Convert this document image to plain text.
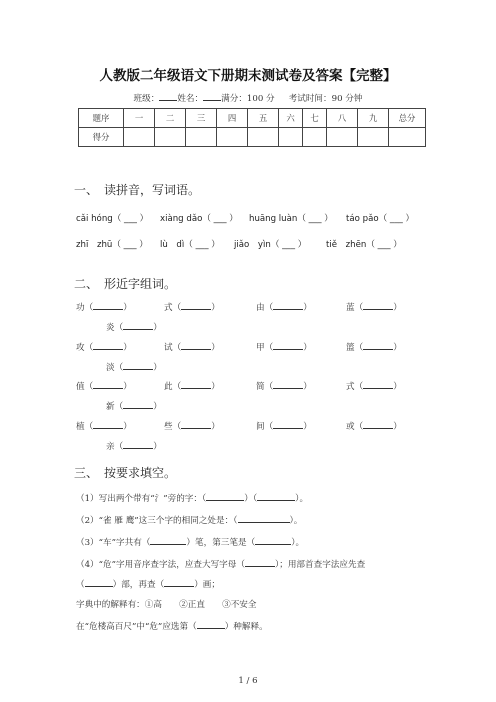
人教版二年级语文下册期末测试卷及答案【完整】
班级： 姓名： 满分：100 分 考试时间：90 分钟
题序	一	二	三	四	五	六	七	八	九	总分
得分										
一、　读拼音，写词语。
cǎi hóng（ ___ ） xiàng dǎo（ ___ ） huāng luàn（ ___ ） táo pǎo（ ___ ）
zhī　zhū（ ___ ） lù　dì（ ___ ） jiǎo　yìn（ ___ ） tiě　zhēn（ ___ ）
二、　形近字组词。
功（	）	式（	）	由（	）	蓝（	）
炎（	）
攻（	）	试（	）	甲（	）	篮（	）
淡（	）
值（	）	此（	）	简（	）	式（	）
新（	）
植（	）	些（	）	间（	）	或（	）
亲（	）
三、　按要求填空。
（1）写出两个带有“氵”旁的字：（	）（	）。
（2）“雀 雁 鹰”这三个字的相同之处是：（	）。
（3）“车”字共有（	）笔，第三笔是（	）。
（4）“危”字用音序查字法，应查大写字母（	）；用部首查字法应先查
（	）部，再查（	）画；
字典中的解释有：①高　　②正直　　③不安全
在“危楼高百尺”中“危”应选第（	）种解释。
1 / 6
